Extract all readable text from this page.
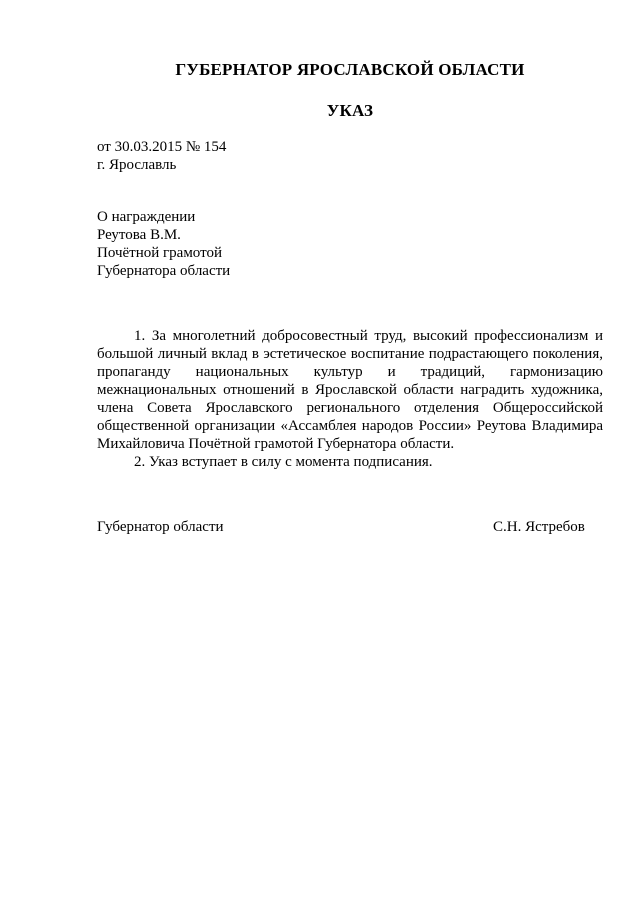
ГУБЕРНАТОР ЯРОСЛАВСКОЙ ОБЛАСТИ
УКАЗ
от 30.03.2015 № 154
г. Ярославль
О награждении
Реутова В.М.
Почётной грамотой
Губернатора области

1. За многолетний добросовестный труд, высокий профессионализм и большой личный вклад в эстетическое воспитание подрастающего поколения, пропаганду национальных культур и традиций, гармонизацию межнациональных отношений в Ярославской области наградить художника, члена Совета Ярославского регионального отделения Общероссийской общественной организации «Ассамблея народов России» Реутова Владимира Михайловича Почётной грамотой Губернатора области.

2. Указ вступает в силу с момента подписания.

Губернатор области	С.Н. Ястребов
